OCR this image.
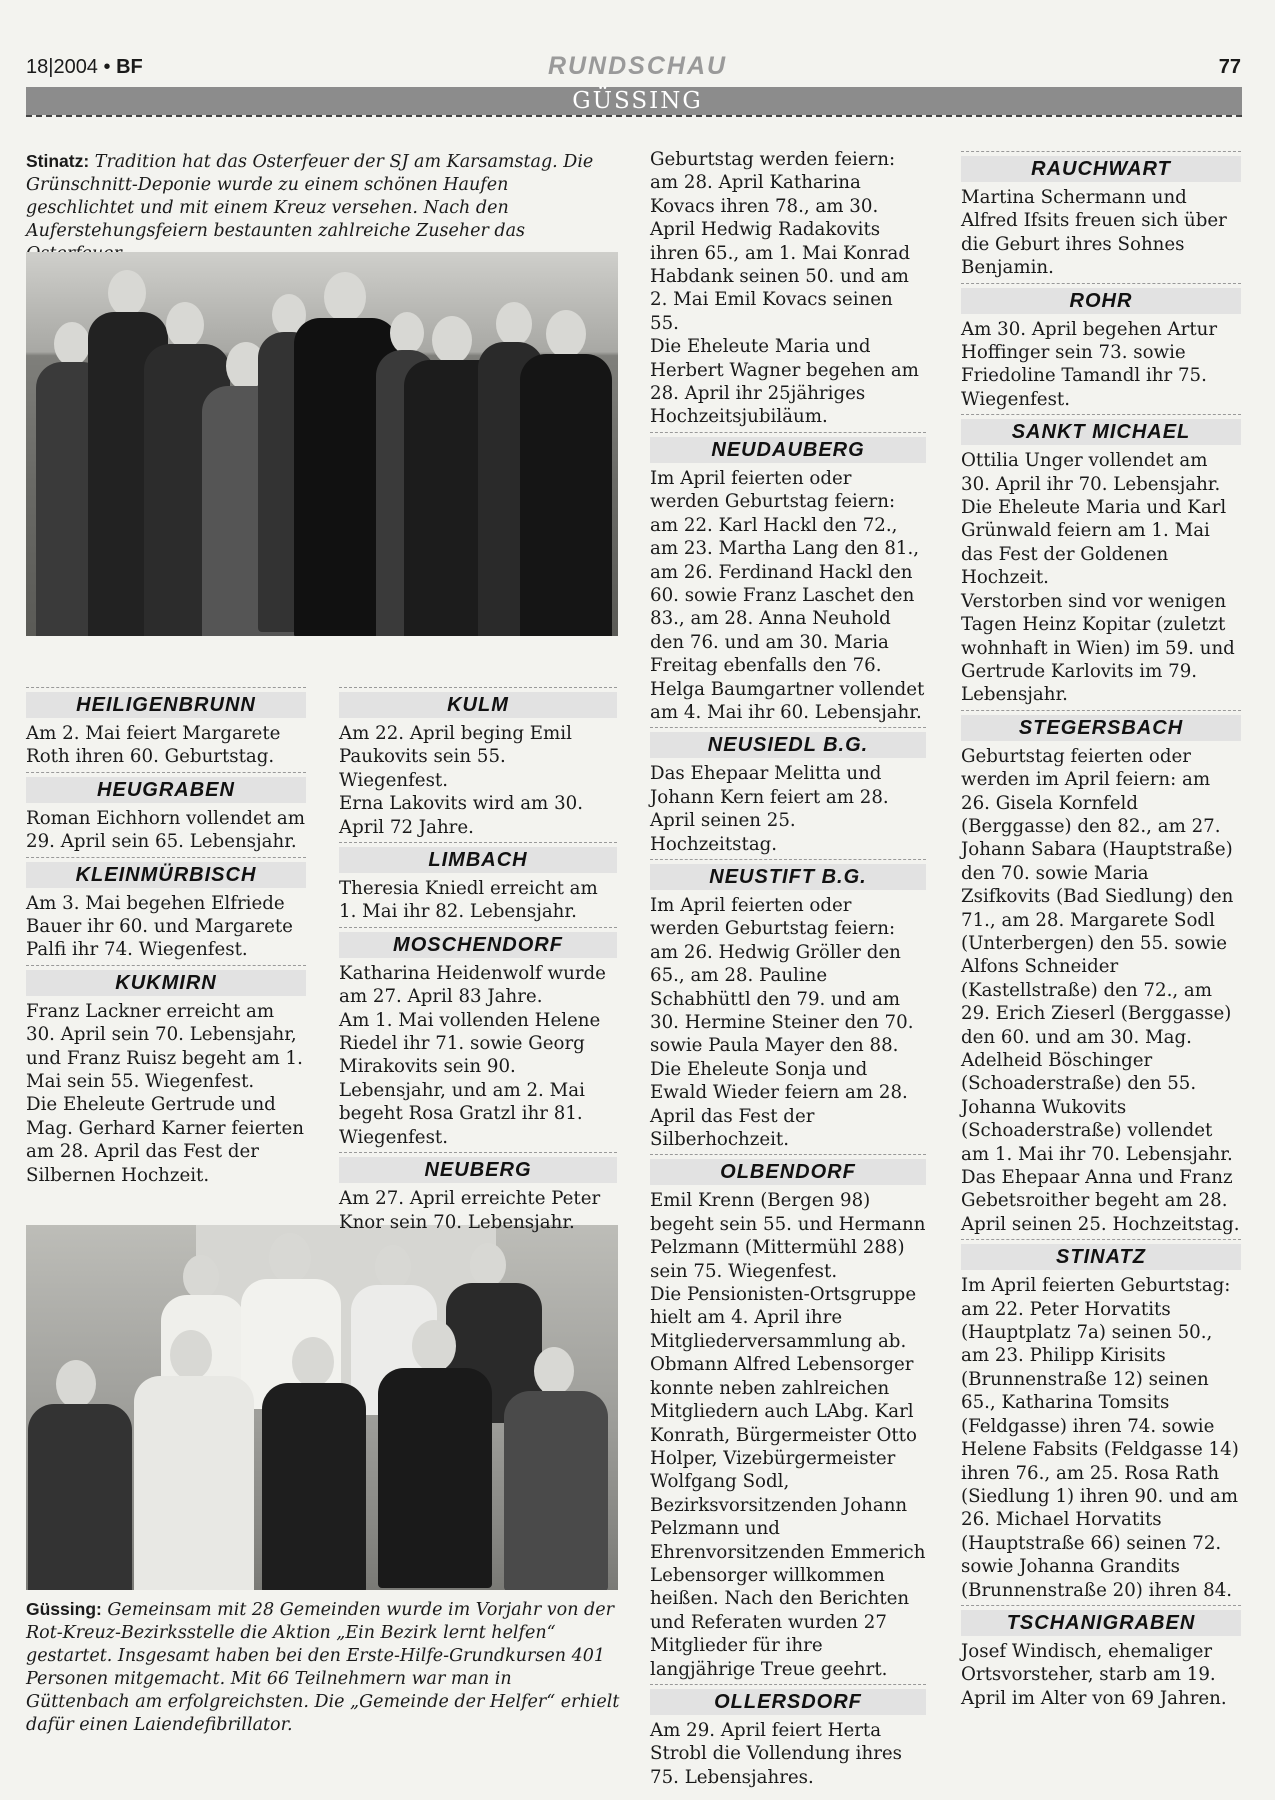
18|2004 • BF	RUNDSCHAU	77
GÜSSING
Stinatz: Tradition hat das Osterfeuer der SJ am Karsamstag. Die Grünschnitt-Deponie wurde zu einem schönen Haufen geschlichtet und mit einem Kreuz versehen. Nach den Auferstehungsfeiern bestaunten zahlreiche Zuseher das
Güssing: Gemeinsam mit 28 Gemeinden wurde im Vorjahr von der Rot-Kreuz-Bezirksstelle die Aktion „Ein Bezirk lernt helfen“ gestartet. Insgesamt haben bei den Erste-Hilfe-Grundkursen 401 Personen mitgemacht. Mit 66 Teilnehmern war man in Güttenbach am erfolgreichsten. Die „Gemeinde der Helfer“ erhielt dafür einen Laiendefibrillator.
HEILIGENBRUNN

Am 2. Mai feiert Margarete Roth ihren 60. Geburtstag.

HEUGRABEN

Roman Eichhorn vollendet am 29. April sein 65. Lebensjahr.

KLEINMÜRBISCH

Am 3. Mai begehen Elfriede Bauer ihr 60. und Margarete Palfi ihr 74. Wiegenfest.

KUKMIRN

Franz Lackner erreicht am 30. April sein 70. Lebensjahr, und Franz Ruisz begeht am 1. Mai sein 55. Wiegenfest.

Die Eheleute Gertrude und Mag. Gerhard Karner feierten am 28. April das Fest der Silbernen Hochzeit.

KULM

Am 22. April beging Emil Paukovits sein 55. Wiegenfest.

Erna Lakovits wird am 30. April 72 Jahre.

LIMBACH

Theresia Kniedl erreicht am 1. Mai ihr 82. Lebensjahr.

MOSCHENDORF

Katharina Heidenwolf wurde am 27. April 83 Jahre.

Am 1. Mai vollenden Helene Riedel ihr 71. sowie Georg Mirakovits sein 90. Lebensjahr, und am 2. Mai begeht Rosa Gratzl ihr 81. Wiegenfest.

NEUBERG

Am 27. April erreichte Peter Knor sein 70. Lebensjahr.

Geburtstag werden feiern: am 28. April Katharina Kovacs ihren 78., am 30. April Hedwig Radakovits ihren 65., am 1. Mai Konrad Habdank seinen 50. und am 2. Mai Emil Kovacs seinen 55.

Die Eheleute Maria und Herbert Wagner begehen am 28. April ihr 25jähriges Hochzeitsjubiläum.

NEUDAUBERG

Im April feierten oder werden Geburtstag feiern: am 22. Karl Hackl den 72., am 23. Martha Lang den 81., am 26. Ferdinand Hackl den 60. sowie Franz Laschet den 83., am 28. Anna Neuhold den 76. und am 30. Maria Freitag ebenfalls den 76.

Helga Baumgartner vollendet am 4. Mai ihr 60. Lebensjahr.

NEUSIEDL B.G.

Das Ehepaar Melitta und Johann Kern feiert am 28. April seinen 25. Hochzeitstag.

NEUSTIFT B.G.

Im April feierten oder werden Geburtstag feiern: am 26. Hedwig Gröller den 65., am 28. Pauline Schabhüttl den 79. und am 30. Hermine Steiner den 70. sowie Paula Mayer den 88.

Die Eheleute Sonja und Ewald Wieder feiern am 28. April das Fest der Silberhochzeit.

OLBENDORF

Emil Krenn (Bergen 98) begeht sein 55. und Hermann Pelzmann (Mittermühl 288) sein 75. Wiegenfest.

Die Pensionisten-Ortsgruppe hielt am 4. April ihre Mitgliederversammlung ab. Obmann Alfred Lebensorger konnte neben zahlreichen Mitgliedern auch LAbg. Karl Konrath, Bürgermeister Otto Holper, Vizebürgermeister Wolfgang Sodl, Bezirksvorsitzenden Johann Pelzmann und Ehrenvorsitzenden Emmerich Lebensorger willkommen heißen. Nach den Berichten und Referaten wurden 27 Mitglieder für ihre langjährige Treue geehrt.

OLLERSDORF

Am 29. April feiert Herta Strobl die Vollendung ihres 75. Lebensjahres.

RAUCHWART

Martina Schermann und Alfred Ifsits freuen sich über die Geburt ihres Sohnes Benjamin.

ROHR

Am 30. April begehen Artur Hoffinger sein 73. sowie Friedoline Tamandl ihr 75. Wiegenfest.

SANKT MICHAEL

Ottilia Unger vollendet am 30. April ihr 70. Lebensjahr.

Die Eheleute Maria und Karl Grünwald feiern am 1. Mai das Fest der Goldenen Hochzeit.

Verstorben sind vor wenigen Tagen Heinz Kopitar (zuletzt wohnhaft in Wien) im 59. und Gertrude Karlovits im 79. Lebensjahr.

STEGERSBACH

Geburtstag feierten oder werden im April feiern: am 26. Gisela Kornfeld (Berggasse) den 82., am 27. Johann Sabara (Hauptstraße) den 70. sowie Maria Zsifkovits (Bad Siedlung) den 71., am 28. Margarete Sodl (Unterbergen) den 55. sowie Alfons Schneider (Kastellstraße) den 72., am 29. Erich Zieserl (Berggasse) den 60. und am 30. Mag. Adelheid Böschinger (Schoaderstraße) den 55.

Johanna Wukovits (Schoaderstraße) vollendet am 1. Mai ihr 70. Lebensjahr.

Das Ehepaar Anna und Franz Gebetsroither begeht am 28. April seinen 25. Hochzeitstag.

STINATZ

Im April feierten Geburtstag: am 22. Peter Horvatits (Hauptplatz 7a) seinen 50., am 23. Philipp Kirisits (Brunnenstraße 12) seinen 65., Katharina Tomsits (Feldgasse) ihren 74. sowie Helene Fabsits (Feldgasse 14) ihren 76., am 25. Rosa Rath (Siedlung 1) ihren 90. und am 26. Michael Horvatits (Hauptstraße 66) seinen 72. sowie Johanna Grandits (Brunnenstraße 20) ihren 84.

TSCHANIGRABEN

Josef Windisch, ehemaliger Ortsvorsteher, starb am 19. April im Alter von 69 Jahren.
